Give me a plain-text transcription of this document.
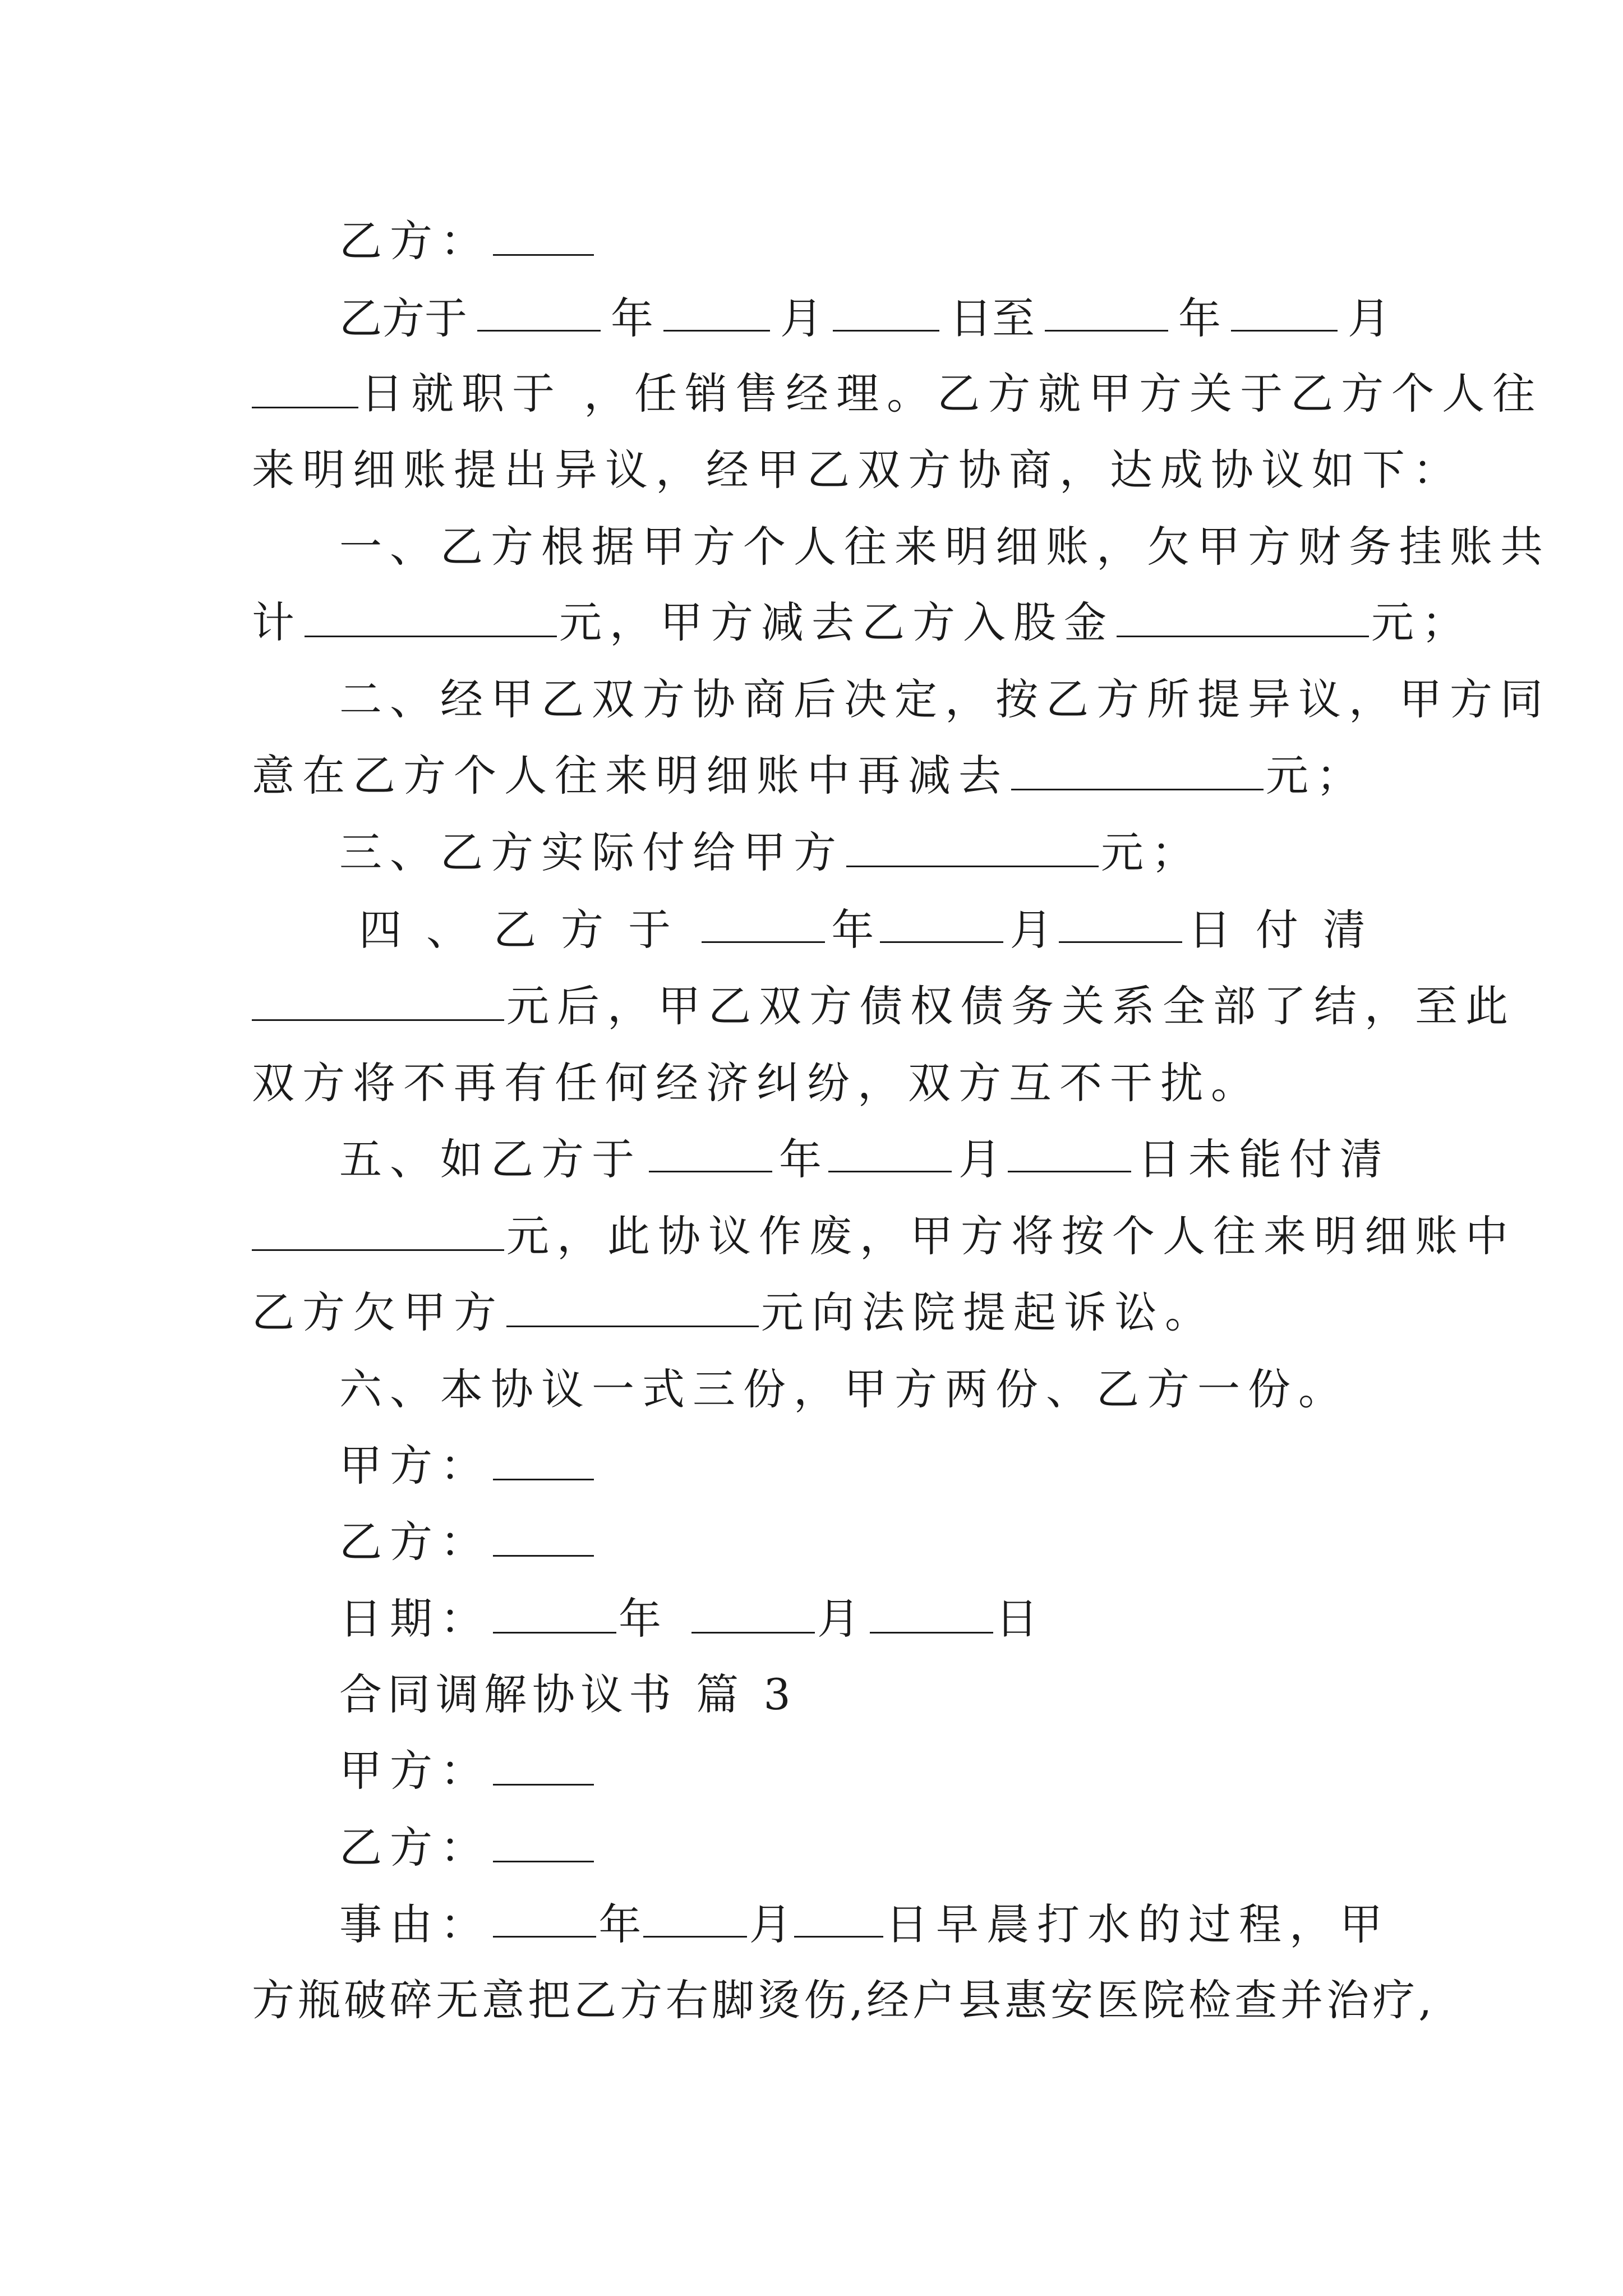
乙方：
乙方于	年	月	日至	年	月
日就职于 ，任销售经理。乙方就甲方关于乙方个人往
来明细账提出异议，经甲乙双方协商，达成协议如下：
一、乙方根据甲方个人往来明细账，欠甲方财务挂账共
计	元，甲方减去乙方入股金	元；
二、经甲乙双方协商后决定，按乙方所提异议，甲方同
意在乙方个人往来明细账中再减去	元；
三、乙方实际付给甲方	元；
四、乙方于	年	月	日付清
元后，甲乙双方债权债务关系全部了结，至此
双方将不再有任何经济纠纷，双方互不干扰。
五、如乙方于	年	月	日未能付清
元，此协议作废，甲方将按个人往来明细账中
乙方欠甲方	元向法院提起诉讼。
六、本协议一式三份，甲方两份、乙方一份。
甲方：
乙方：
日期：	年	月	日
合同调解协议书 篇 3
甲方：
乙方：
事由：	年	月 日早晨打水的过程，甲
方瓶破碎无意把乙方右脚烫伤,经户县惠安医院检查并治疗,
